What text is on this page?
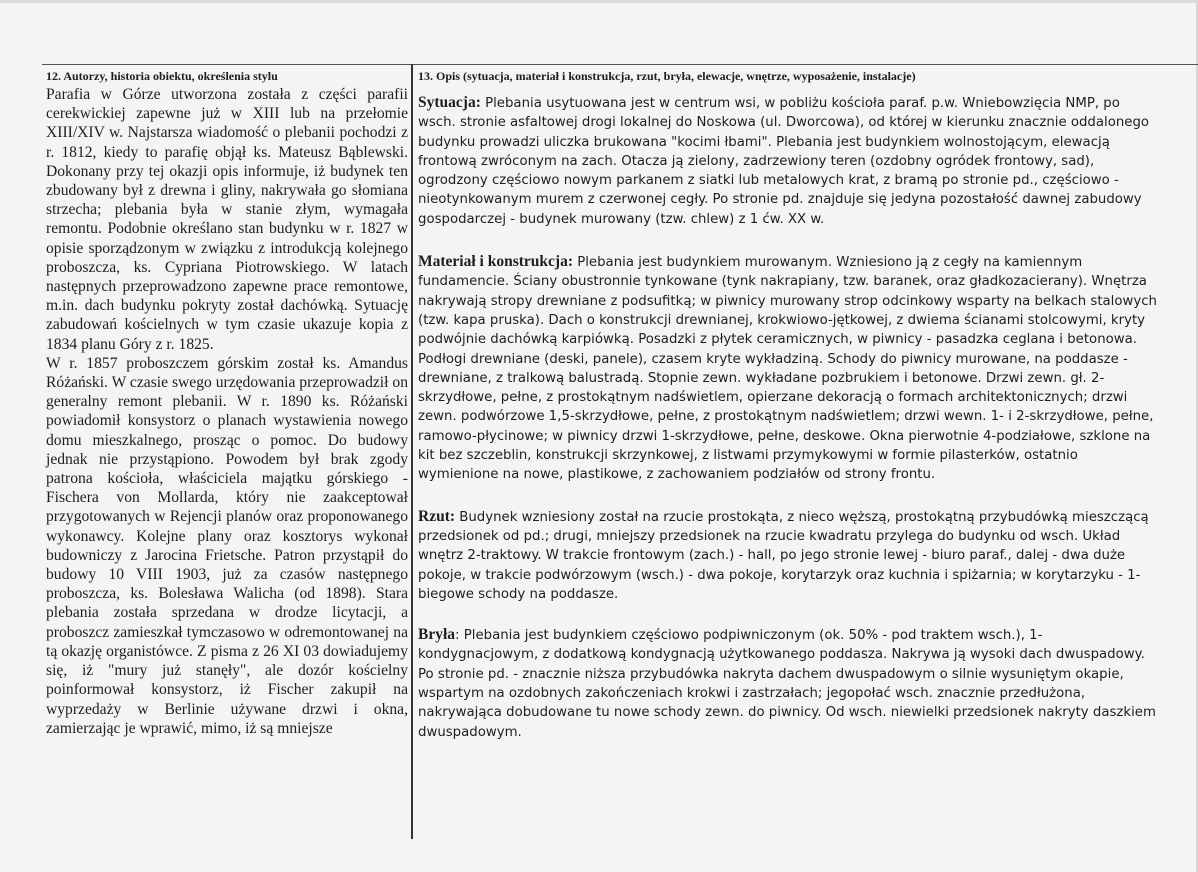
12. Autorzy, historia obiektu, określenia stylu

Parafia w Górze utworzona została z części parafii cerekwickiej zapewne już w XIII lub na przełomie XIII/XIV w. Najstarsza wiadomość o plebanii pochodzi z r. 1812, kiedy to parafię objął ks. Mateusz Bąblewski. Dokonany przy tej okazji opis informuje, iż budynek ten zbudowany był z drewna i gliny, nakrywała go słomiana strzecha; plebania była w stanie złym, wymagała remontu. Podobnie określano stan budynku w r. 1827 w opisie sporządzonym w związku z introdukcją kolejnego proboszcza, ks. Cypriana Piotrowskiego. W latach następnych przeprowadzono zapewne prace remontowe, m.in. dach budynku pokryty został dachówką. Sytuację zabudowań kościelnych w tym czasie ukazuje kopia z 1834 planu Góry z r. 1825.

W r. 1857 proboszczem górskim został ks. Amandus Różański. W czasie swego urzędowania przeprowadził on generalny remont plebanii. W r. 1890 ks. Różański powiadomił konsystorz o planach wystawienia nowego domu mieszkalnego, prosząc o pomoc. Do budowy jednak nie przystąpiono. Powodem był brak zgody patrona kościoła, właściciela majątku górskiego - Fischera von Mollarda, który nie zaakceptował przygotowanych w Rejencji planów oraz proponowanego wykonawcy. Kolejne plany oraz kosztorys wykonał budowniczy z Jarocina Frietsche. Patron przystąpił do budowy 10 VIII 1903, już za czasów następnego proboszcza, ks. Bolesława Walicha (od 1898). Stara plebania została sprzedana w drodze licytacji, a proboszcz zamieszkał tymczasowo w odremontowanej na tą okazję organistówce. Z pisma z 26 XI 03 dowiadujemy się, iż "mury już stanęły", ale dozór kościelny poinformował konsystorz, iż Fischer zakupił na wyprzedaży w Berlinie używane drzwi i okna, zamierzając je wprawić, mimo, iż są mniejsze

13. Opis (sytuacja, materiał i konstrukcja, rzut, bryła, elewacje, wnętrze, wyposażenie, instalacje)

Sytuacja: Plebania usytuowana jest w centrum wsi, w pobliżu kościoła paraf. p.w. Wniebowzięcia NMP, po wsch. stronie asfaltowej drogi lokalnej do Noskowa (ul. Dworcowa), od której w kierunku znacznie oddalonego budynku prowadzi uliczka brukowana "kocimi łbami". Plebania jest budynkiem wolnostojącym, elewacją frontową zwróconym na zach. Otacza ją zielony, zadrzewiony teren (ozdobny ogródek frontowy, sad), ogrodzony częściowo nowym parkanem z siatki lub metalowych krat, z bramą po stronie pd., częściowo - nieotynkowanym murem z czerwonej cegły. Po stronie pd. znajduje się jedyna pozostałość dawnej zabudowy gospodarczej - budynek murowany (tzw. chlew) z 1 ćw. XX w.

Materiał i konstrukcja: Plebania jest budynkiem murowanym. Wzniesiono ją z cegły na kamiennym fundamencie. Ściany obustronnie tynkowane (tynk nakrapiany, tzw. baranek, oraz gładkozacierany). Wnętrza nakrywają stropy drewniane z podsufitką; w piwnicy murowany strop odcinkowy wsparty na belkach stalowych (tzw. kapa pruska). Dach o konstrukcji drewnianej, krokwiowo-jętkowej, z dwiema ścianami stolcowymi, kryty podwójnie dachówką karpiówką. Posadzki z płytek ceramicznych, w piwnicy - pasadzka ceglana i betonowa. Podłogi drewniane (deski, panele), czasem kryte wykładziną. Schody do piwnicy murowane, na poddasze - drewniane, z tralkową balustradą. Stopnie zewn. wykładane pozbrukiem i betonowe. Drzwi zewn. gł. 2-skrzydłowe, pełne, z prostokątnym nadświetlem, opierzane dekoracją o formach architektonicznych; drzwi zewn. podwórzowe 1,5-skrzydłowe, pełne, z prostokątnym nadświetlem; drzwi wewn. 1- i 2-skrzydłowe, pełne, ramowo-płycinowe; w piwnicy drzwi 1-skrzydłowe, pełne, deskowe. Okna pierwotnie 4-podziałowe, szklone na kit bez szczeblin, konstrukcji skrzynkowej, z listwami przymykowymi w formie pilasterków, ostatnio wymienione na nowe, plastikowe, z zachowaniem podziałów od strony frontu.

Rzut: Budynek wzniesiony został na rzucie prostokąta, z nieco węższą, prostokątną przybudówką mieszczącą przedsionek od pd.; drugi, mniejszy przedsionek na rzucie kwadratu przylega do budynku od wsch. Układ wnętrz 2-traktowy. W trakcie frontowym (zach.) - hall, po jego stronie lewej - biuro paraf., dalej - dwa duże pokoje, w trakcie podwórzowym (wsch.) - dwa pokoje, korytarzyk oraz kuchnia i spiżarnia; w korytarzyku - 1-biegowe schody na poddasze.

Bryła: Plebania jest budynkiem częściowo podpiwniczonym (ok. 50% - pod traktem wsch.), 1-kondygnacjowym, z dodatkową kondygnacją użytkowanego poddasza. Nakrywa ją wysoki dach dwuspadowy. Po stronie pd. - znacznie niższa przybudówka nakryta dachem dwuspadowym o silnie wysuniętym okapie, wspartym na ozdobnych zakończeniach krokwi i zastrzałach; jegopołać wsch. znacznie przedłużona, nakrywająca dobudowane tu nowe schody zewn. do piwnicy. Od wsch. niewielki przedsionek nakryty daszkiem dwuspadowym.
